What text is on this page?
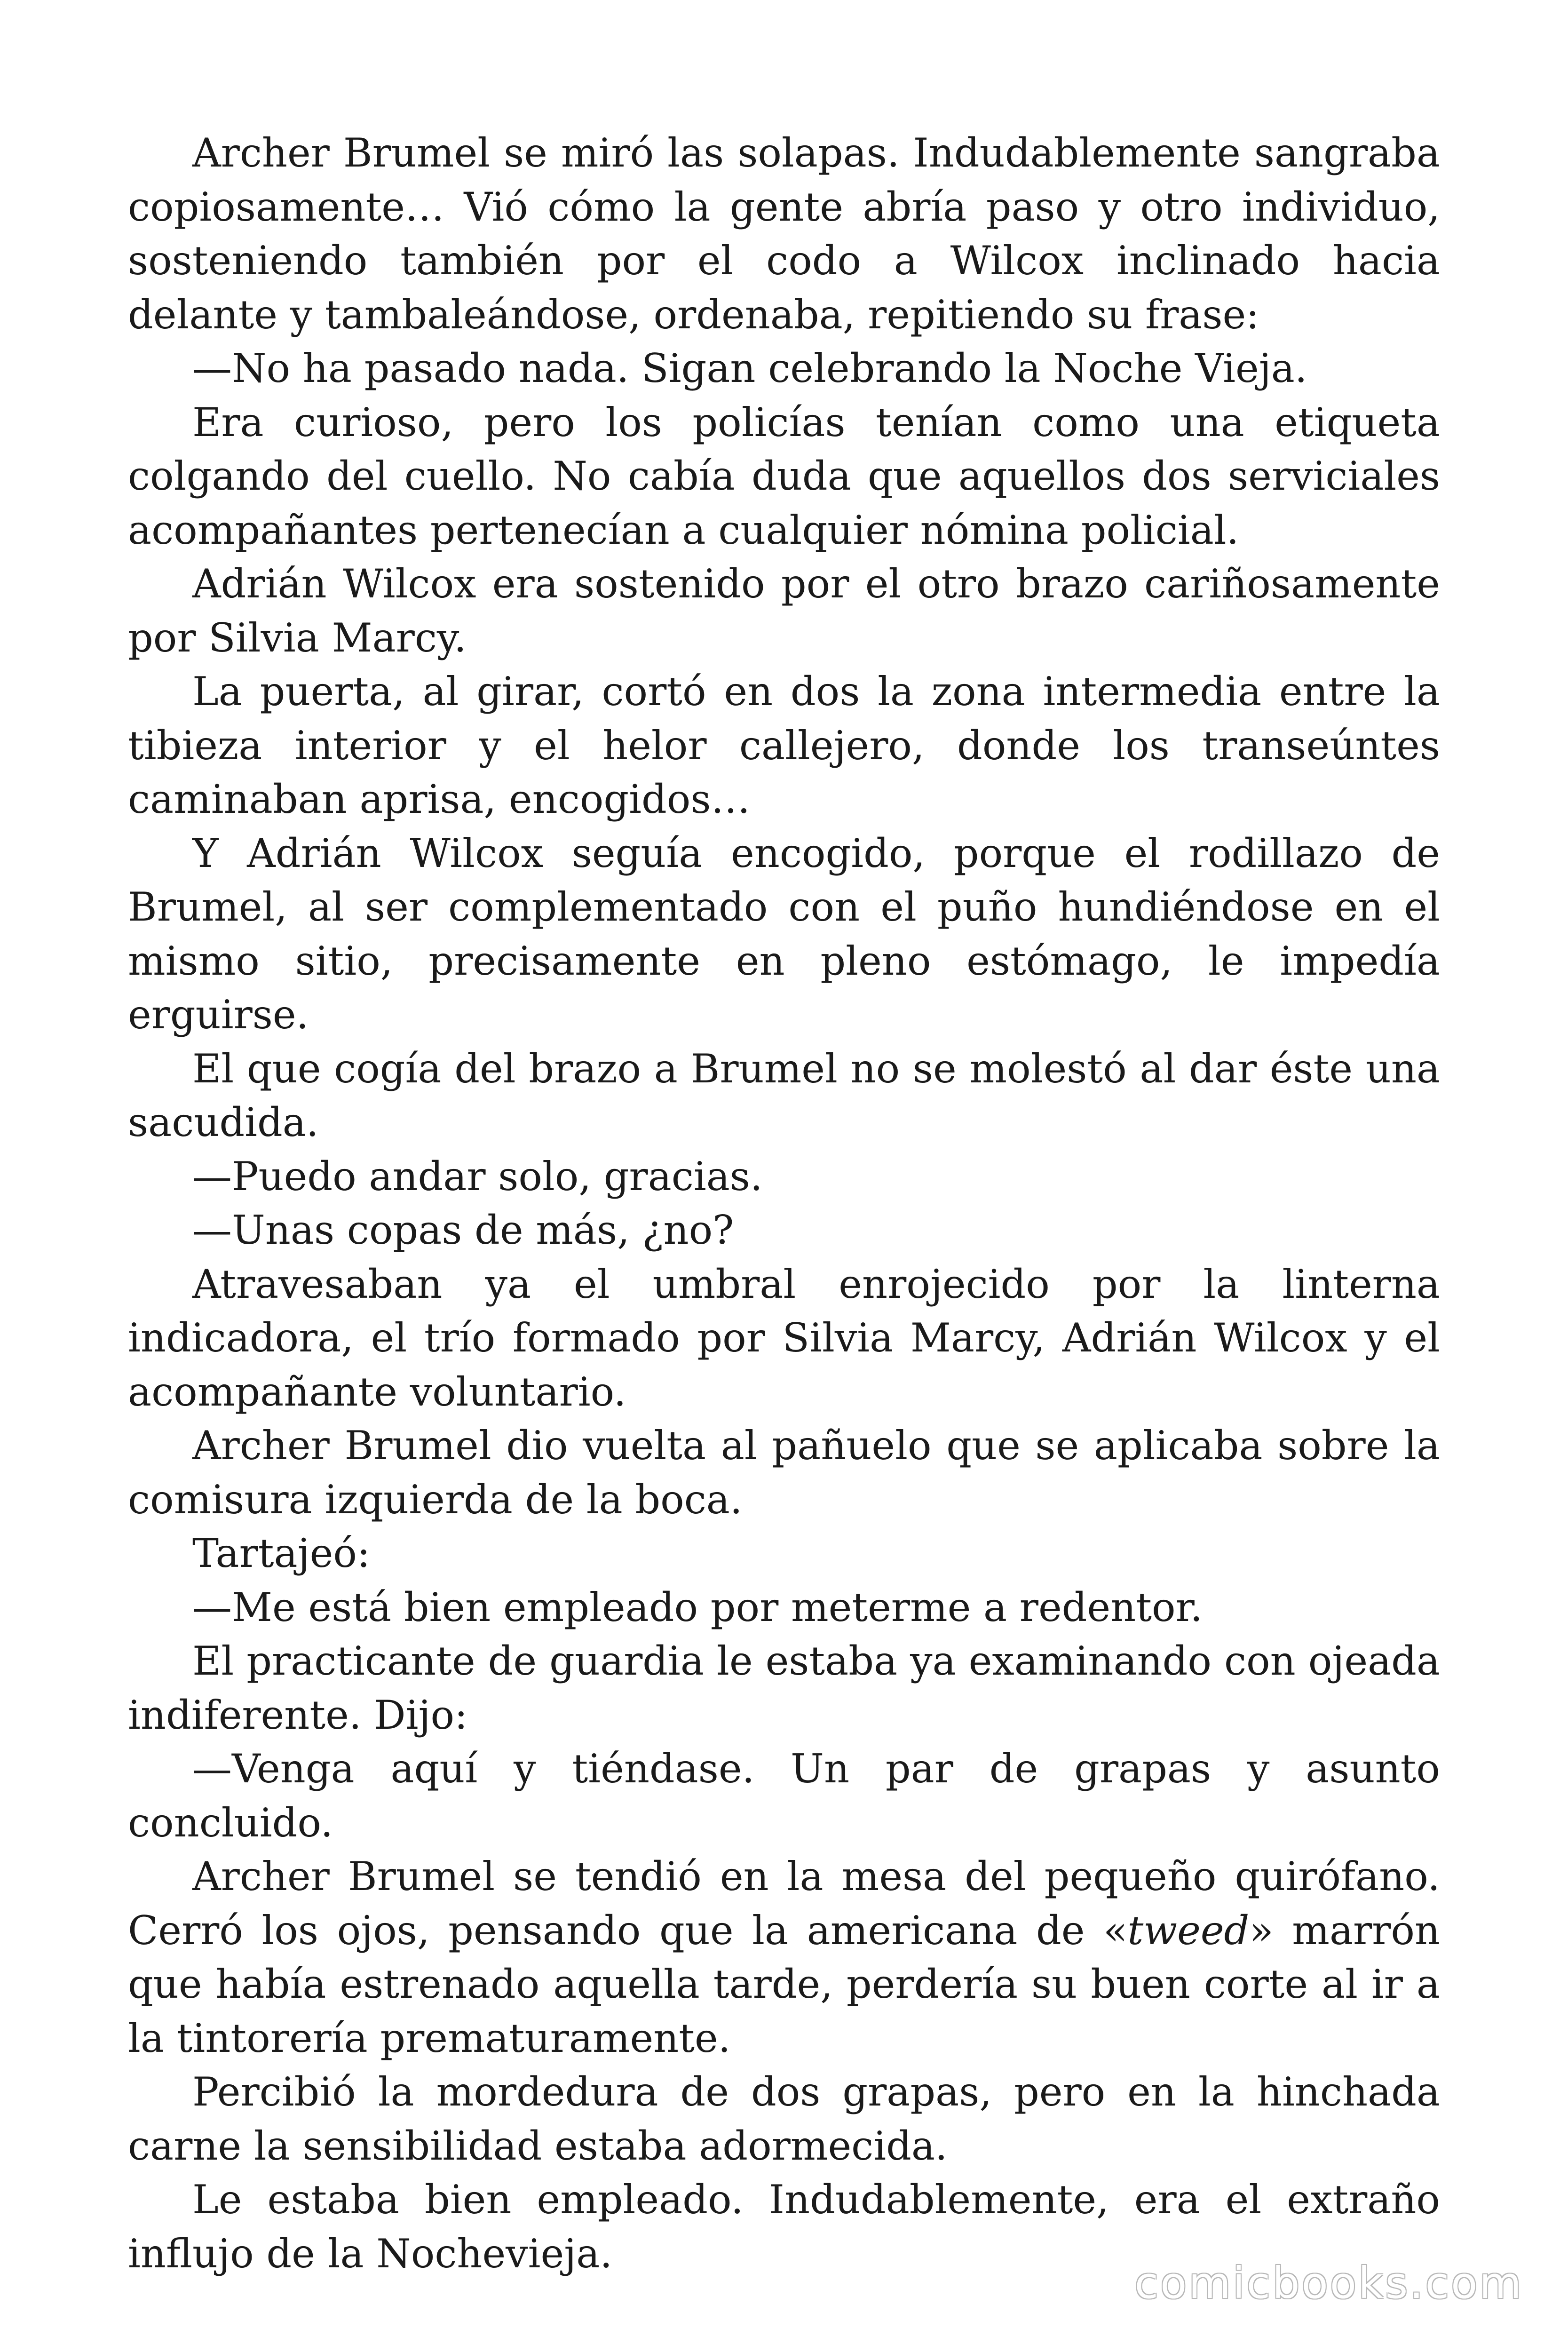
Archer Brumel se miró las solapas. Indudablemente sangraba copiosamente… Vió cómo la gente abría paso y otro individuo, sosteniendo también por el codo a Wilcox inclinado hacia delante y tambaleándose, ordenaba, repitiendo su frase:

—No ha pasado nada. Sigan celebrando la Noche Vieja.

Era curioso, pero los policías tenían como una etiqueta colgando del cuello. No cabía duda que aquellos dos serviciales acompañantes pertenecían a cualquier nómina policial.

Adrián Wilcox era sostenido por el otro brazo cariñosamente por Silvia Marcy.

La puerta, al girar, cortó en dos la zona intermedia entre la tibieza interior y el helor callejero, donde los transeúntes caminaban aprisa, encogidos…

Y Adrián Wilcox seguía encogido, porque el rodillazo de Brumel, al ser complementado con el puño hundiéndose en el mismo sitio, precisamente en pleno estómago, le impedía erguirse.

El que cogía del brazo a Brumel no se molestó al dar éste una sacudida.

—Puedo andar solo, gracias.

—Unas copas de más, ¿no?

Atravesaban ya el umbral enrojecido por la linterna indicadora, el trío formado por Silvia Marcy, Adrián Wilcox y el acompañante voluntario.

Archer Brumel dio vuelta al pañuelo que se aplicaba sobre la comisura izquierda de la boca.

Tartajeó:

—Me está bien empleado por meterme a redentor.

El practicante de guardia le estaba ya examinando con ojeada indiferente. Dijo:

—Venga aquí y tiéndase. Un par de grapas y asunto concluido.

Archer Brumel se tendió en la mesa del pequeño quirófano. Cerró los ojos, pensando que la americana de «tweed» marrón que había estrenado aquella tarde, perdería su buen corte al ir a la tintorería prematuramente.

Percibió la mordedura de dos grapas, pero en la hinchada carne la sensibilidad estaba adormecida.

Le estaba bien empleado. Indudablemente, era el extraño influjo de la Nochevieja.

comicbooks.com
